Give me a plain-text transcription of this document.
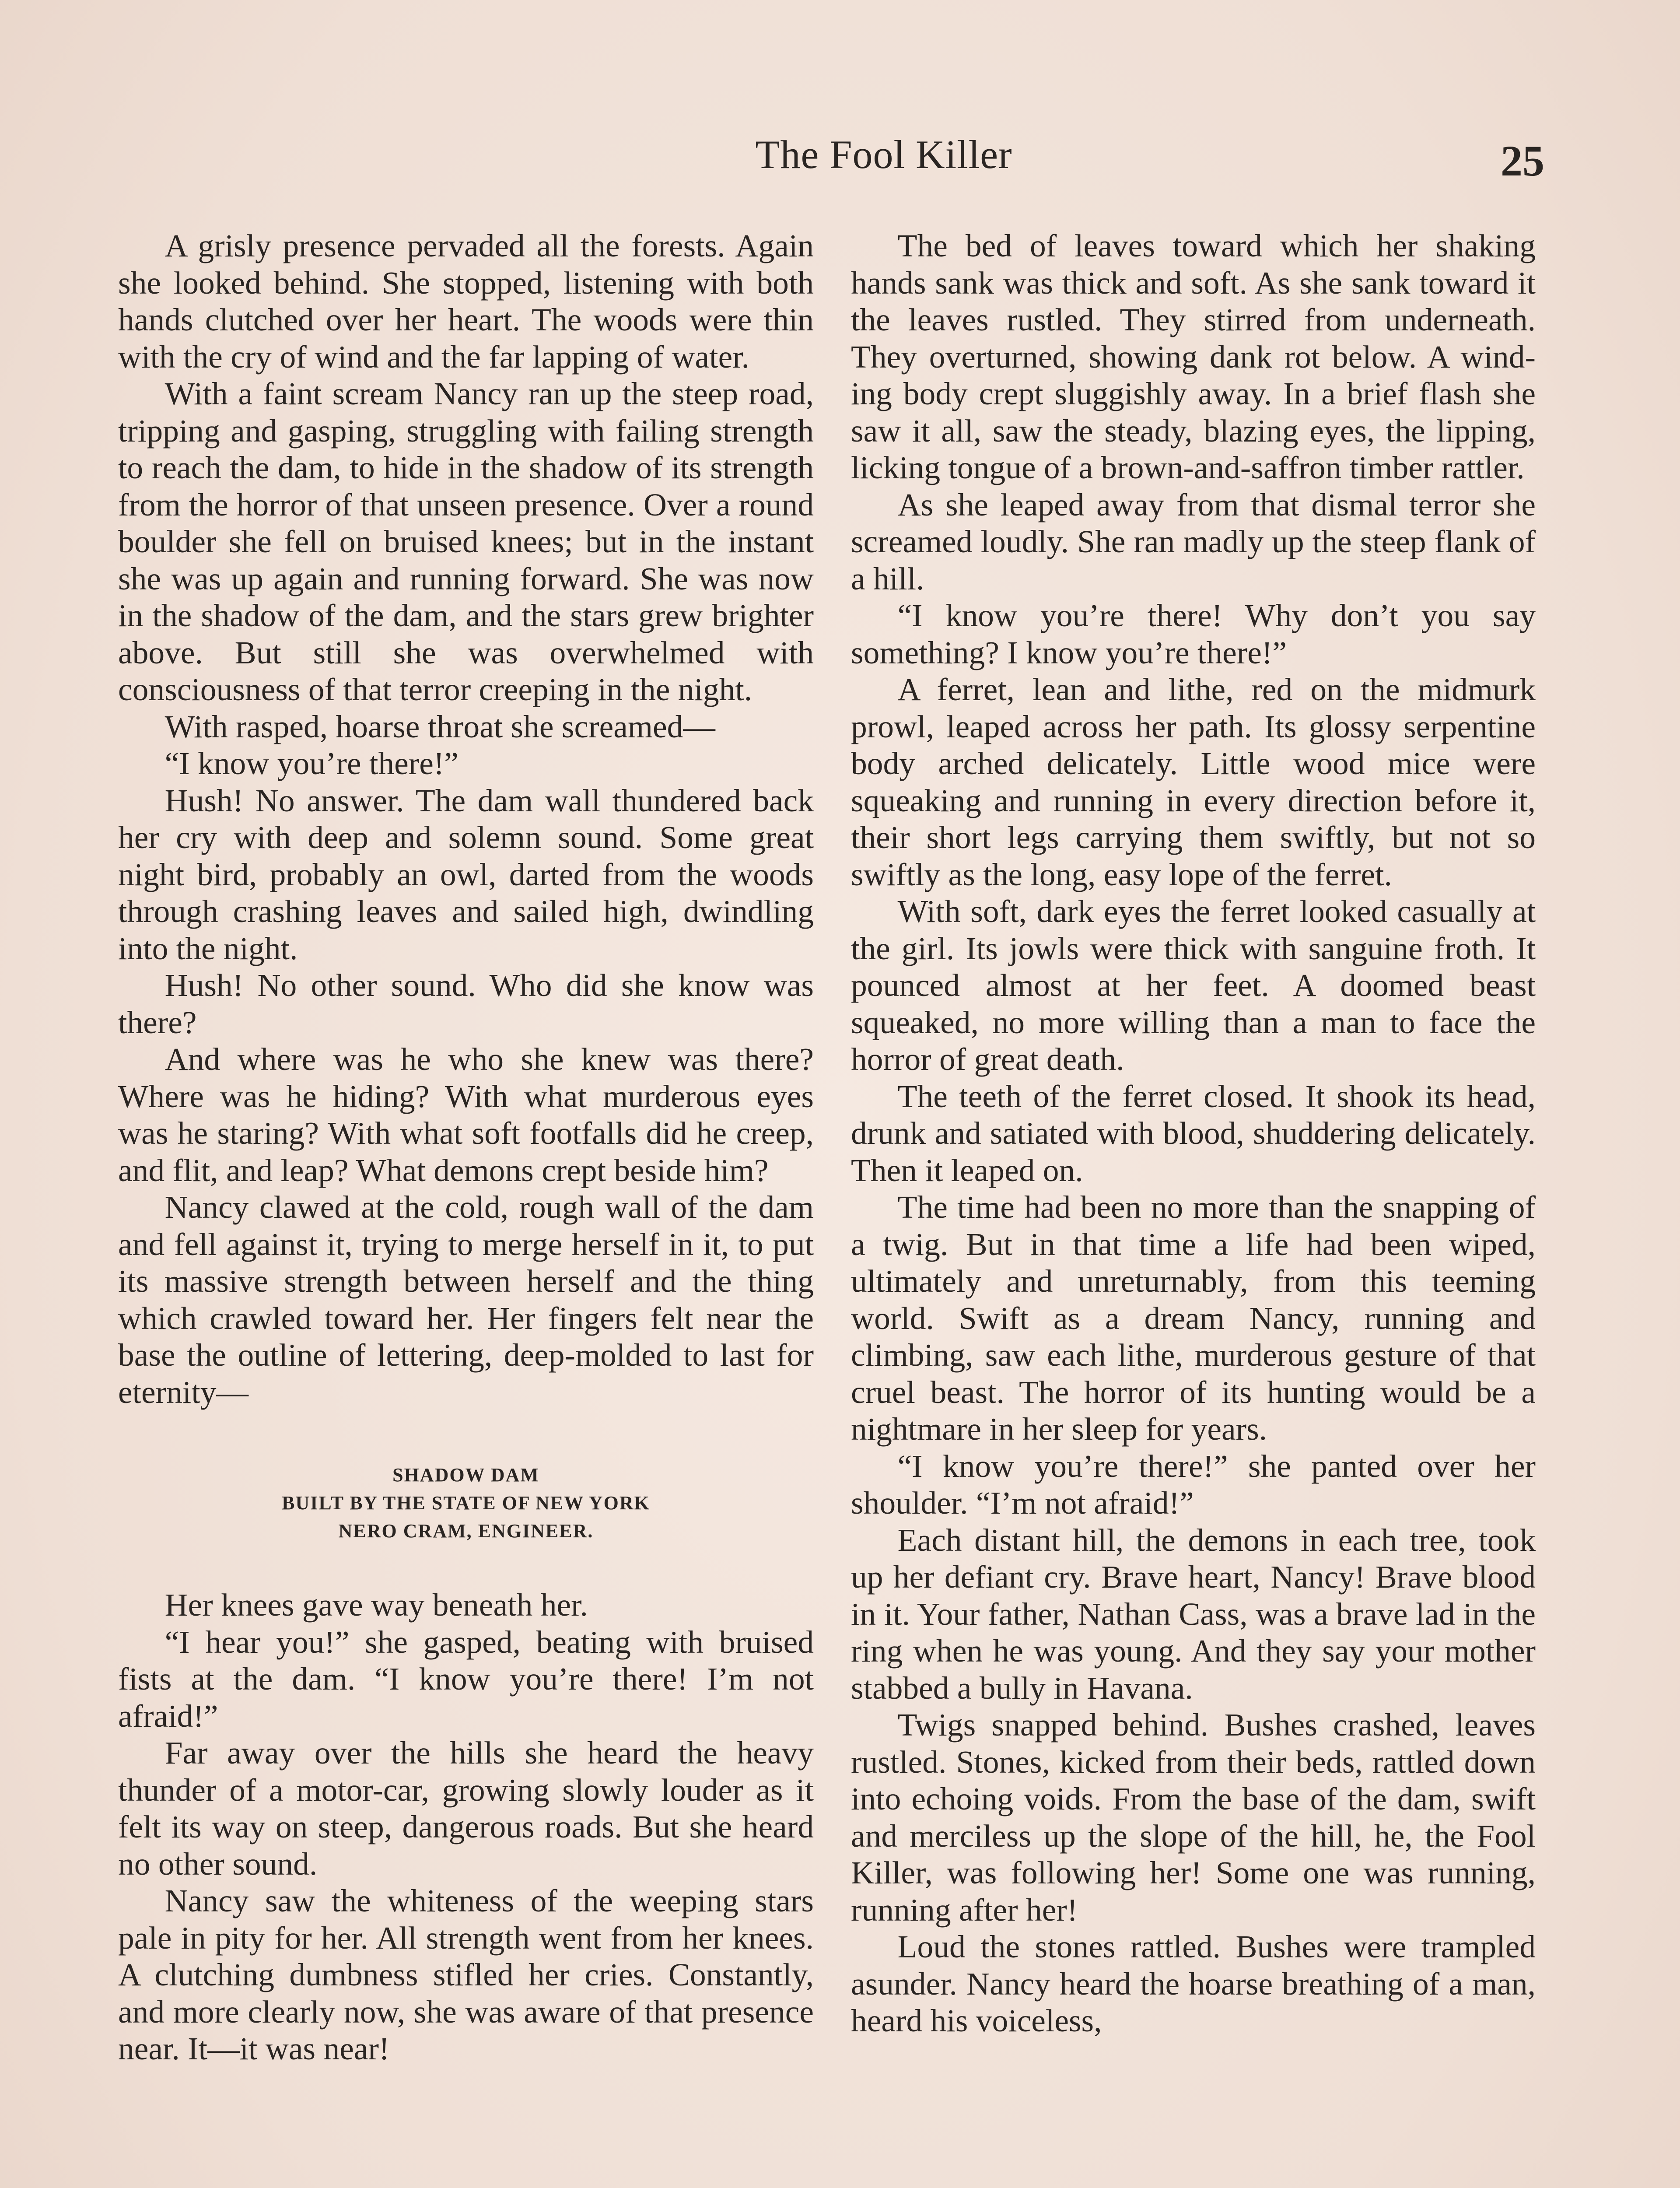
The Fool Killer	25

A grisly presence pervaded all the forests. Again she looked behind. She stopped, listening with both hands clutched over her heart. The woods were thin with the cry of wind and the far lapping of water.

With a faint scream Nancy ran up the steep road, tripping and gasping, struggling with failing strength to reach the dam, to hide in the shadow of its strength from the horror of that unseen presence. Over a round boulder she fell on bruised knees; but in the instant she was up again and running forward. She was now in the shadow of the dam, and the stars grew brighter above. But still she was overwhelmed with consciousness of that terror creeping in the night.

With rasped, hoarse throat she screamed—

“I know you’re there!”

Hush! No answer. The dam wall thundered back her cry with deep and solemn sound. Some great night bird, probably an owl, darted from the woods through crashing leaves and sailed high, dwindling into the night.

Hush! No other sound. Who did she know was there?

And where was he who she knew was there? Where was he hiding? With what murderous eyes was he staring? With what soft footfalls did he creep, and flit, and leap? What demons crept beside him?

Nancy clawed at the cold, rough wall of the dam and fell against it, trying to merge herself in it, to put its massive strength between herself and the thing which crawled toward her. Her fingers felt near the base the outline of lettering, deep-molded to last for eternity—

SHADOW DAM
BUILT BY THE STATE OF NEW YORK
NERO CRAM, ENGINEER.

Her knees gave way beneath her.

“I hear you!” she gasped, beating with bruised fists at the dam. “I know you’re there! I’m not afraid!”

Far away over the hills she heard the heavy thunder of a motor-car, growing slowly louder as it felt its way on steep, dangerous roads. But she heard no other sound.

Nancy saw the whiteness of the weeping stars pale in pity for her. All strength went from her knees. A clutching dumbness stifled her cries. Constantly, and more clearly now, she was aware of that presence near. It—it was near!

The bed of leaves toward which her shaking hands sank was thick and soft. As she sank toward it the leaves rustled. They stirred from underneath. They overturned, showing dank rot below. A winding body crept sluggishly away. In a brief flash she saw it all, saw the steady, blazing eyes, the lipping, licking tongue of a brown-and-saffron timber rattler.

As she leaped away from that dismal terror she screamed loudly. She ran madly up the steep flank of a hill.

“I know you’re there! Why don’t you say something? I know you’re there!”

A ferret, lean and lithe, red on the midmurk prowl, leaped across her path. Its glossy serpentine body arched delicately. Little wood mice were squeaking and running in every direction before it, their short legs carrying them swiftly, but not so swiftly as the long, easy lope of the ferret.

With soft, dark eyes the ferret looked casually at the girl. Its jowls were thick with sanguine froth. It pounced almost at her feet. A doomed beast squeaked, no more willing than a man to face the horror of great death.

The teeth of the ferret closed. It shook its head, drunk and satiated with blood, shuddering delicately. Then it leaped on.

The time had been no more than the snapping of a twig. But in that time a life had been wiped, ultimately and unreturnably, from this teeming world. Swift as a dream Nancy, running and climbing, saw each lithe, murderous gesture of that cruel beast. The horror of its hunting would be a nightmare in her sleep for years.

“I know you’re there!” she panted over her shoulder. “I’m not afraid!”

Each distant hill, the demons in each tree, took up her defiant cry. Brave heart, Nancy! Brave blood in it. Your father, Nathan Cass, was a brave lad in the ring when he was young. And they say your mother stabbed a bully in Havana.

Twigs snapped behind. Bushes crashed, leaves rustled. Stones, kicked from their beds, rattled down into echoing voids. From the base of the dam, swift and merciless up the slope of the hill, he, the Fool Killer, was following her! Some one was running, running after her!

Loud the stones rattled. Bushes were trampled asunder. Nancy heard the hoarse breathing of a man, heard his voiceless,
